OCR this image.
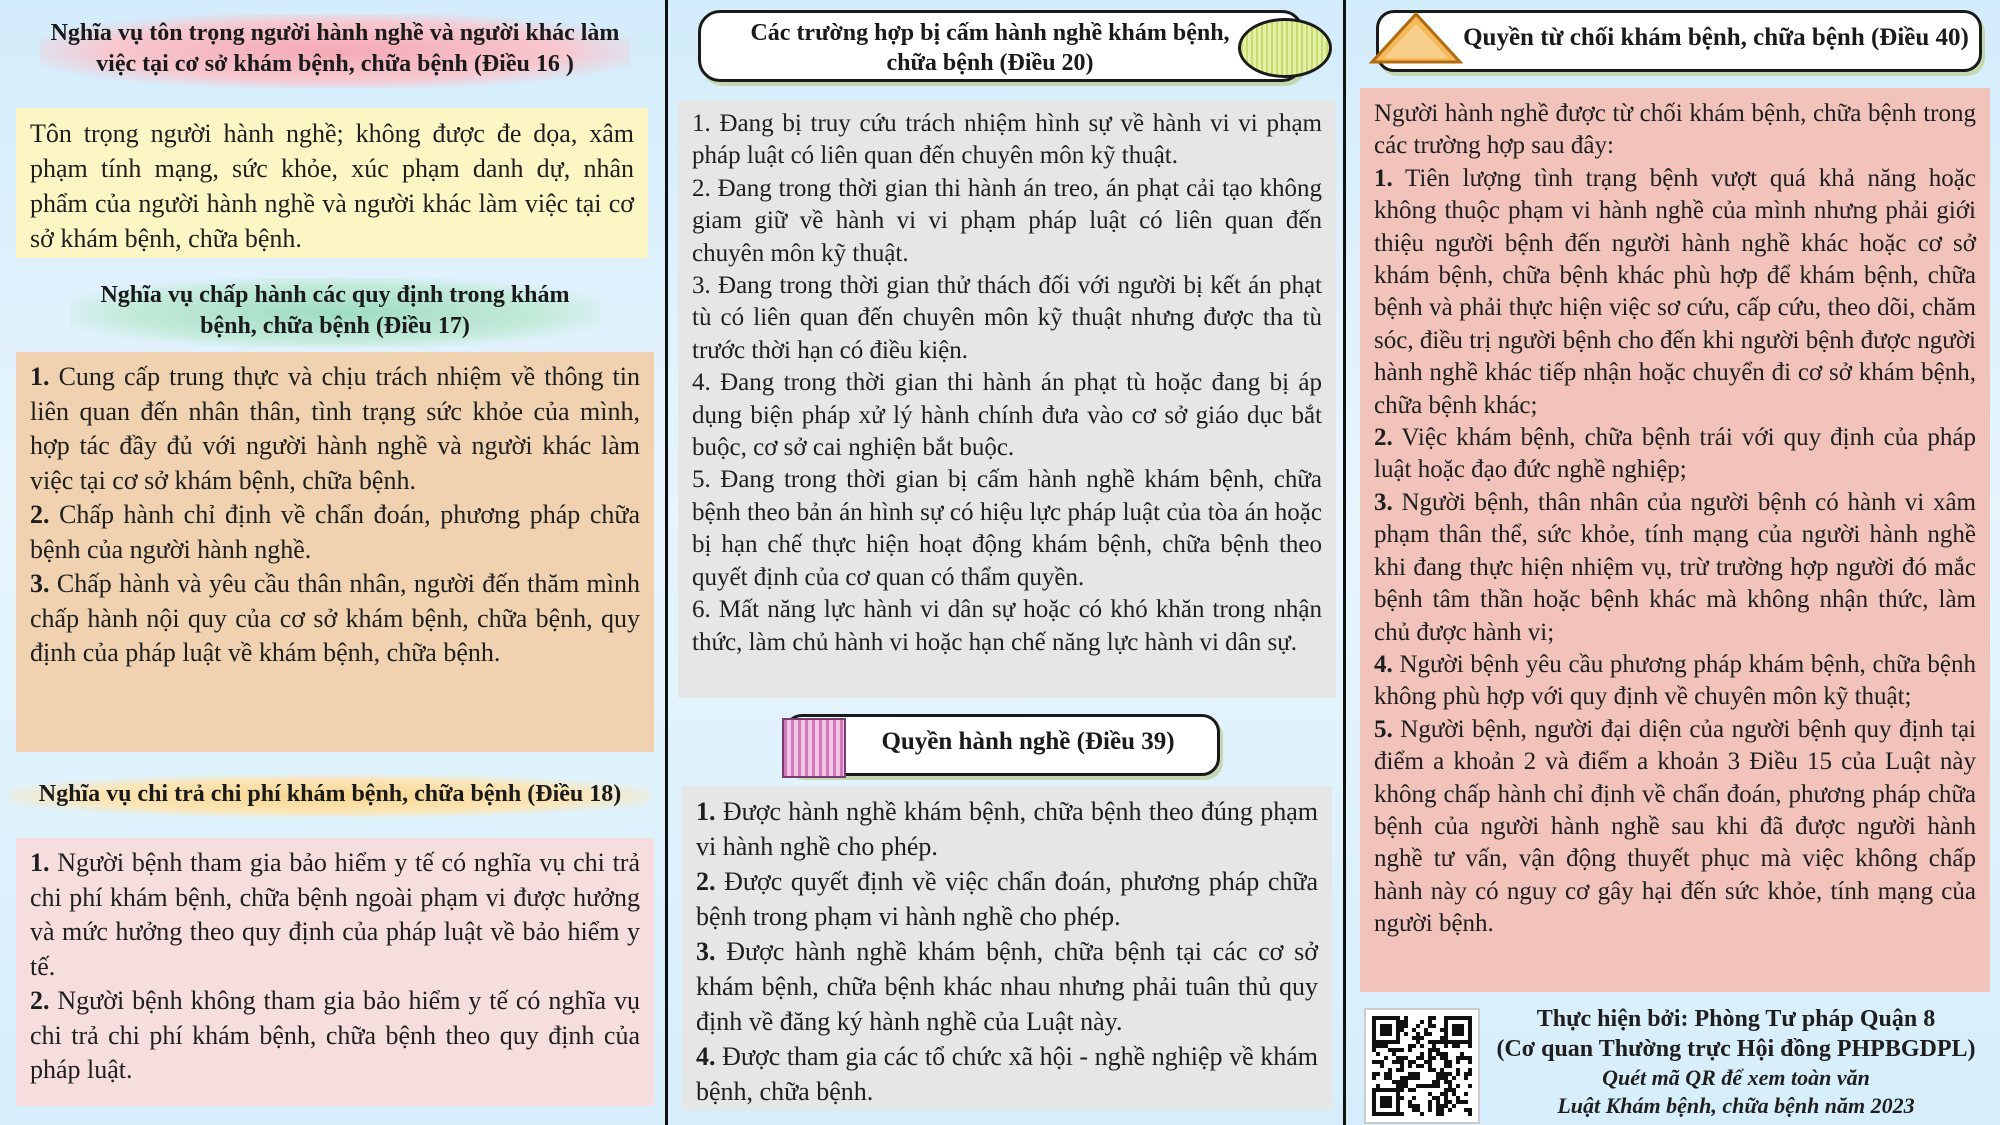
Nghĩa vụ tôn trọng người hành nghề và người khác làm việc tại cơ sở khám bệnh, chữa bệnh (Điều 16 )

Tôn trọng người hành nghề; không được đe dọa, xâm phạm tính mạng, sức khỏe, xúc phạm danh dự, nhân phẩm của người hành nghề và người khác làm việc tại cơ sở khám bệnh, chữa bệnh.

Nghĩa vụ chấp hành các quy định trong khám bệnh, chữa bệnh (Điều 17)

1. Cung cấp trung thực và chịu trách nhiệm về thông tin liên quan đến nhân thân, tình trạng sức khỏe của mình, hợp tác đầy đủ với người hành nghề và người khác làm việc tại cơ sở khám bệnh, chữa bệnh.

2. Chấp hành chỉ định về chẩn đoán, phương pháp chữa bệnh của người hành nghề.

3. Chấp hành và yêu cầu thân nhân, người đến thăm mình chấp hành nội quy của cơ sở khám bệnh, chữa bệnh, quy định của pháp luật về khám bệnh, chữa bệnh.

Nghĩa vụ chi trả chi phí khám bệnh, chữa bệnh (Điều 18)

1. Người bệnh tham gia bảo hiểm y tế có nghĩa vụ chi trả chi phí khám bệnh, chữa bệnh ngoài phạm vi được hưởng và mức hưởng theo quy định của pháp luật về bảo hiểm y tế.

2. Người bệnh không tham gia bảo hiểm y tế có nghĩa vụ chi trả chi phí khám bệnh, chữa bệnh theo quy định của pháp luật.

Các trường hợp bị cấm hành nghề khám bệnh, chữa bệnh (Điều 20)

1. Đang bị truy cứu trách nhiệm hình sự về hành vi vi phạm pháp luật có liên quan đến chuyên môn kỹ thuật.

2. Đang trong thời gian thi hành án treo, án phạt cải tạo không giam giữ về hành vi vi phạm pháp luật có liên quan đến chuyên môn kỹ thuật.

3. Đang trong thời gian thử thách đối với người bị kết án phạt tù có liên quan đến chuyên môn kỹ thuật nhưng được tha tù trước thời hạn có điều kiện.

4. Đang trong thời gian thi hành án phạt tù hoặc đang bị áp dụng biện pháp xử lý hành chính đưa vào cơ sở giáo dục bắt buộc, cơ sở cai nghiện bắt buộc.

5. Đang trong thời gian bị cấm hành nghề khám bệnh, chữa bệnh theo bản án hình sự có hiệu lực pháp luật của tòa án hoặc bị hạn chế thực hiện hoạt động khám bệnh, chữa bệnh theo quyết định của cơ quan có thẩm quyền.

6. Mất năng lực hành vi dân sự hoặc có khó khăn trong nhận thức, làm chủ hành vi hoặc hạn chế năng lực hành vi dân sự.

Quyền hành nghề (Điều 39)

1. Được hành nghề khám bệnh, chữa bệnh theo đúng phạm vi hành nghề cho phép.

2. Được quyết định về việc chẩn đoán, phương pháp chữa bệnh trong phạm vi hành nghề cho phép.

3. Được hành nghề khám bệnh, chữa bệnh tại các cơ sở khám bệnh, chữa bệnh khác nhau nhưng phải tuân thủ quy định về đăng ký hành nghề của Luật này.

4. Được tham gia các tổ chức xã hội - nghề nghiệp về khám bệnh, chữa bệnh.

Quyền từ chối khám bệnh, chữa bệnh (Điều 40)

Người hành nghề được từ chối khám bệnh, chữa bệnh trong các trường hợp sau đây:

1. Tiên lượng tình trạng bệnh vượt quá khả năng hoặc không thuộc phạm vi hành nghề của mình nhưng phải giới thiệu người bệnh đến người hành nghề khác hoặc cơ sở khám bệnh, chữa bệnh khác phù hợp để khám bệnh, chữa bệnh và phải thực hiện việc sơ cứu, cấp cứu, theo dõi, chăm sóc, điều trị người bệnh cho đến khi người bệnh được người hành nghề khác tiếp nhận hoặc chuyển đi cơ sở khám bệnh, chữa bệnh khác;

2. Việc khám bệnh, chữa bệnh trái với quy định của pháp luật hoặc đạo đức nghề nghiệp;

3. Người bệnh, thân nhân của người bệnh có hành vi xâm phạm thân thể, sức khỏe, tính mạng của người hành nghề khi đang thực hiện nhiệm vụ, trừ trường hợp người đó mắc bệnh tâm thần hoặc bệnh khác mà không nhận thức, làm chủ được hành vi;

4. Người bệnh yêu cầu phương pháp khám bệnh, chữa bệnh không phù hợp với quy định về chuyên môn kỹ thuật;

5. Người bệnh, người đại diện của người bệnh quy định tại điểm a khoản 2 và điểm a khoản 3 Điều 15 của Luật này không chấp hành chỉ định về chẩn đoán, phương pháp chữa bệnh của người hành nghề sau khi đã được người hành nghề tư vấn, vận động thuyết phục mà việc không chấp hành này có nguy cơ gây hại đến sức khỏe, tính mạng của người bệnh.

Thực hiện bởi: Phòng Tư pháp Quận 8
(Cơ quan Thường trực Hội đồng PHPBGDPL)
Quét mã QR để xem toàn văn
Luật Khám bệnh, chữa bệnh năm 2023
